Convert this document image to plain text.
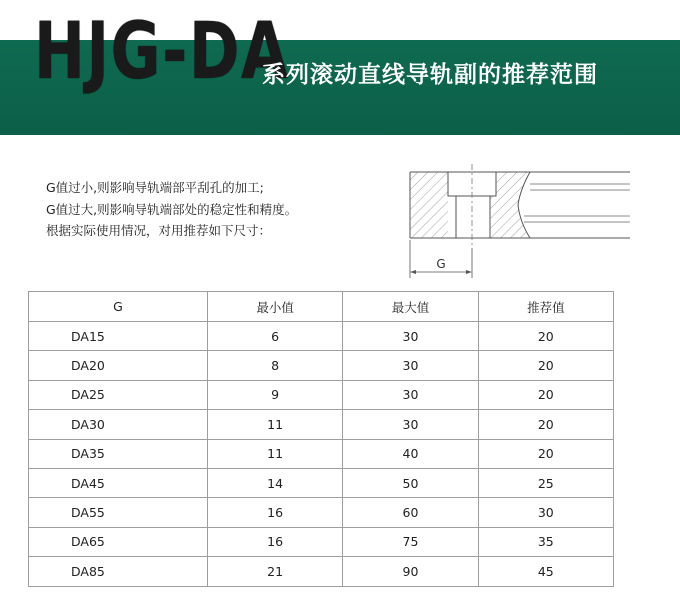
HJG-DA
系列滚动直线导轨副的推荐范围
G值过小,则影响导轨端部平刮孔的加工;
G值过大,则影响导轨端部处的稳定性和精度。
根据实际使用情况，对用推荐如下尺寸：
G
G	最小值	最大值	推荐值
DA15	6	30	20
DA20	8	30	20
DA25	9	30	20
DA30	11	30	20
DA35	11	40	20
DA45	14	50	25
DA55	16	60	30
DA65	16	75	35
DA85	21	90	45
